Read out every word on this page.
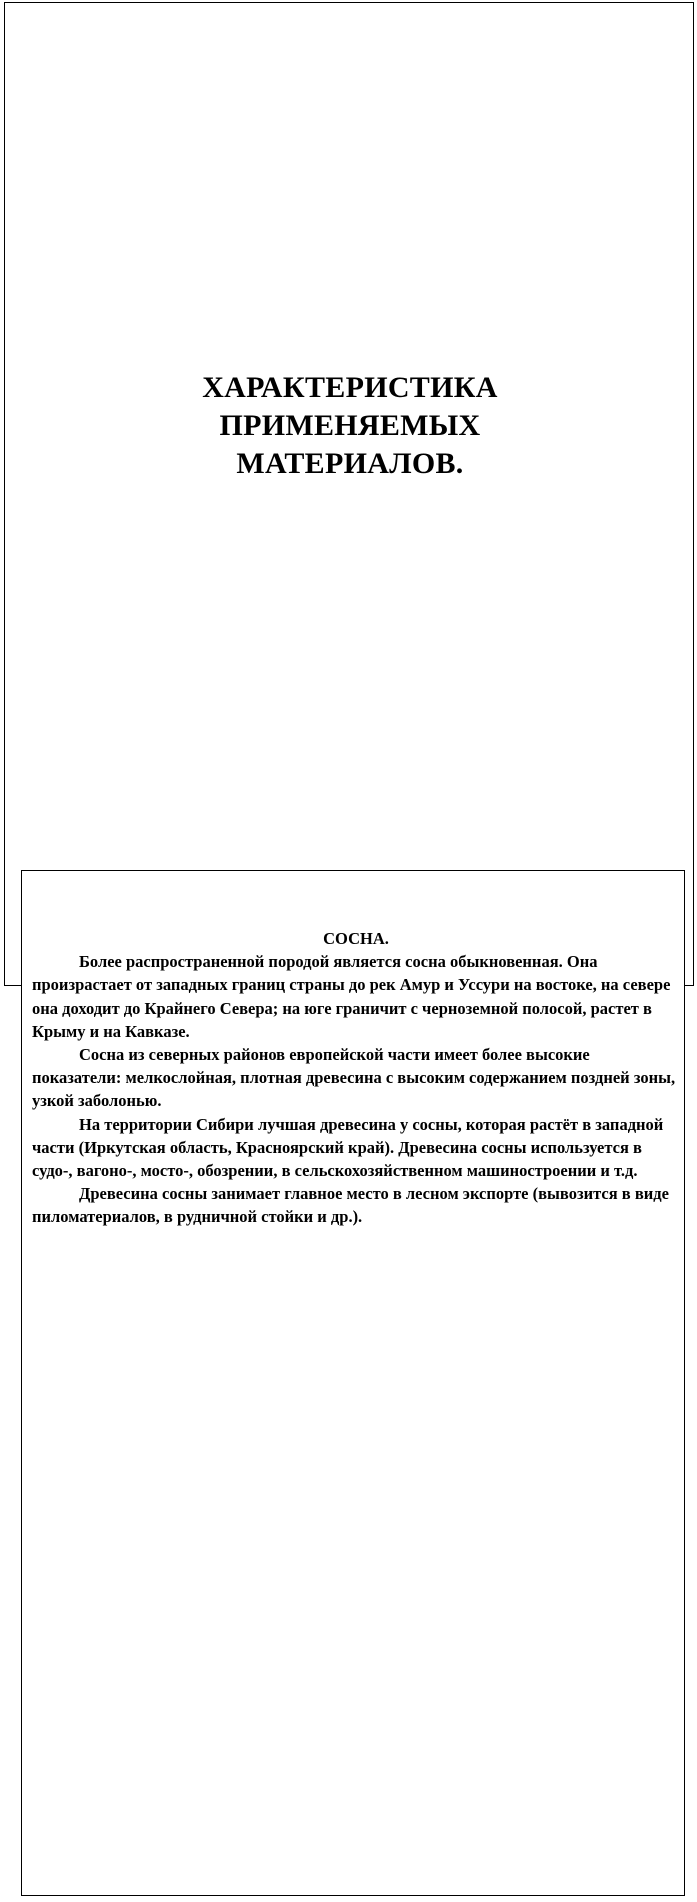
ХАРАКТЕРИСТИКА
ПРИМЕНЯЕМЫХ
МАТЕРИАЛОВ.
СОСНА.

Более распространенной породой является сосна обыкновенная. Она произрастает от западных границ страны до рек Амур и Уссури на востоке, на севере она доходит до Крайнего Севера; на юге граничит с черноземной полосой, растет в Крыму и на Кавказе.

Сосна из северных районов европейской части имеет более высокие показатели: мелкослойная, плотная древесина с высоким содержанием поздней зоны, узкой заболонью.

На территории Сибири лучшая древесина у сосны, которая растёт в западной части (Иркутская область, Красноярский край). Древесина сосны используется в судо-, вагоно-, мосто-, обозрении, в сельскохозяйственном машиностроении и т.д.

Древесина сосны занимает главное место в лесном экспорте (вывозится в виде пиломатериалов, в рудничной стойки и др.).
